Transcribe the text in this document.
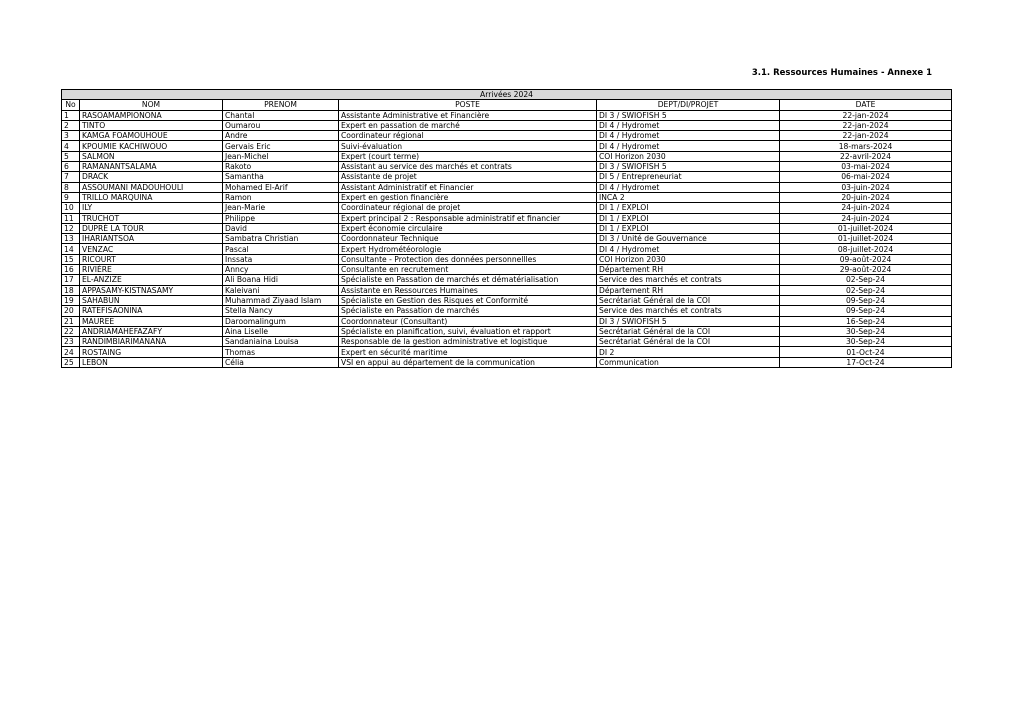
3.1. Ressources Humaines - Annexe 1
Arrivées 2024					
No	NOM	PRENOM	POSTE	DEPT/DI/PROJET	DATE
1	RASOAMAMPIONONA	Chantal	Assistante Administrative et Financière	DI 3 / SWIOFISH 5	22-jan-2024
2	TINTO	Oumarou	Expert en passation de marché	DI 4 / Hydromet	22-jan-2024
3	KAMGA FOAMOUHOUE	Andre	Coordinateur régional	DI 4 / Hydromet	22-jan-2024
4	KPOUMIE KACHIWOUO	Gervais Eric	Suivi-évaluation	DI 4 / Hydromet	18-mars-2024
5	SALMON	Jean-Michel	Expert (court terme)	COI Horizon 2030	22-avril-2024
6	RAMANANTSALAMA	Rakoto	Assistant au service des marchés et contrats	DI 3 / SWIOFISH 5	03-mai-2024
7	DRACK	Samantha	Assistante de projet	DI 5 / Entrepreneuriat	06-mai-2024
8	ASSOUMANI MADOUHOULI	Mohamed El-Arif	Assistant Administratif et Financier	DI 4 / Hydromet	03-juin-2024
9	TRILLO MARQUINA	Ramon	Expert en gestion financière	INCA 2	20-juin-2024
10	ILY	Jean-Marie	Coordinateur régional de projet	DI 1 / EXPLOI	24-juin-2024
11	TRUCHOT	Philippe	Expert principal 2 : Responsable administratif et financier	DI 1 / EXPLOI	24-juin-2024
12	DUPRÉ LA TOUR	David	Expert économie circulaire	DI 1 / EXPLOI	01-juillet-2024
13	IHARIANTSOA	Sambatra Christian	Coordonnateur Technique	DI 3 / Unité de Gouvernance	01-juillet-2024
14	VENZAC	Pascal	Expert Hydrométéorologie	DI 4 / Hydromet	08-juillet-2024
15	RICOURT	Inssata	Consultante - Protection des données personnellles	COI Horizon 2030	09-août-2024
16	RIVIÈRE	Anncy	Consultante en recrutement	Département RH	29-août-2024
17	EL-ANZIZE	Ali Boana Hidi	Spécialiste en Passation de marchés et dématérialisation	Service des marchés et contrats	02-Sep-24
18	APPASAMY-KISTNASAMY	Kaleivani	Assistante en Ressources Humaines	Département RH	02-Sep-24
19	SAHABUN	Muhammad Ziyaad Islam	Spécialiste en Gestion des Risques et Conformité	Secrétariat Général de la COI	09-Sep-24
20	RATEFISAONINA	Stella Nancy	Spécialiste en Passation de marchés	Service des marchés et contrats	09-Sep-24
21	MAUREE	Daroomalingum	Coordonnateur (Consultant)	DI 3 / SWIOFISH 5	16-Sep-24
22	ANDRIAMAHEFAZAFY	Aina Liselle	Spécialiste en planification, suivi, évaluation et rapport	Secrétariat Général de la COI	30-Sep-24
23	RANDIMBIARIMANANA	Sandaniaina Louisa	Responsable de la gestion administrative et logistique	Secrétariat Général de la COI	30-Sep-24
24	ROSTAING	Thomas	Expert en sécurité maritime	DI 2	01-Oct-24
25	LEBON	Célia	VSI en appui au département de la communication	Communication	17-Oct-24
